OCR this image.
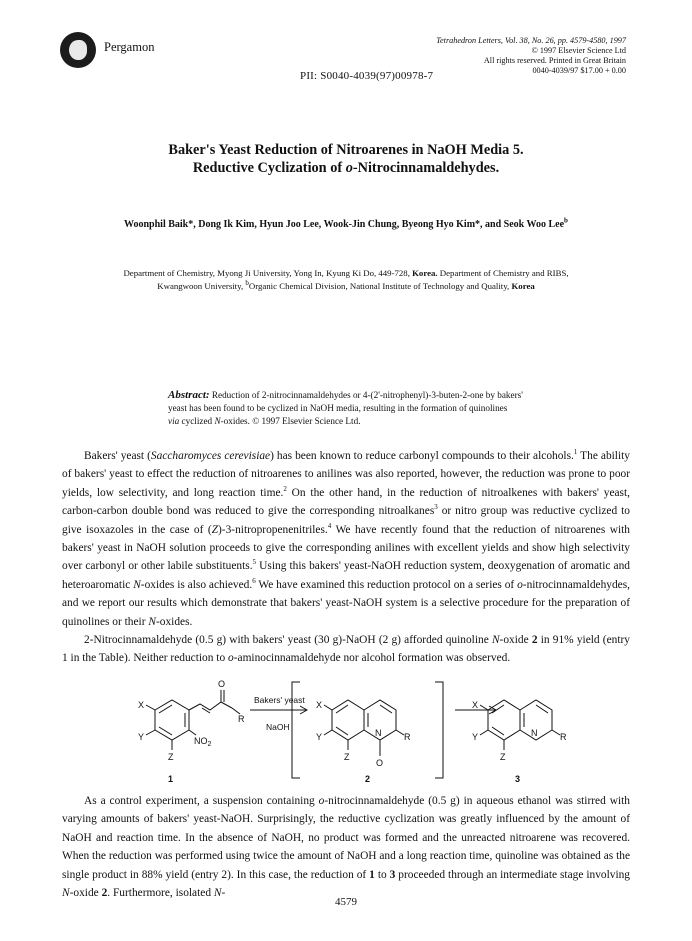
Pergamon	Tetrahedron Letters, Vol. 38, No. 26, pp. 4579-4580, 1997
© 1997 Elsevier Science Ltd
All rights reserved. Printed in Great Britain
0040-4039/97 $17.00 + 0.00
PII: S0040-4039(97)00978-7
Baker's Yeast Reduction of Nitroarenes in NaOH Media 5.
Reductive Cyclization of o-Nitrocinnamaldehydes.
Woonphil Baik*, Dong Ik Kim, Hyun Joo Lee, Wook-Jin Chung, Byeong Hyo Kim*, and Seok Woo Lee$^b$
Department of Chemistry, Myong Ji University, Yong In, Kyung Ki Do, 449-728, Korea. Department of Chemistry and RIBS,
Kwangwoon University, $^b$Organic Chemical Division, National Institute of Technology and Quality, Korea
Abstract: Reduction of 2-nitrocinnamaldehydes or 4-(2'-nitrophenyl)-3-buten-2-one by bakers'
yeast has been found to be cyclized in NaOH media, resulting in the formation of quinolines
via cyclized N-oxides. © 1997 Elsevier Science Ltd.

Bakers' yeast (Saccharomyces cerevisiae) has been known to reduce carbonyl compounds to their alcohols.$^1$ The ability of bakers' yeast to effect the reduction of nitroarenes to anilines was also reported, however, the reduction was prone to poor yields, low selectivity, and long reaction time.$^2$ On the other hand, in the reduction of nitroalkenes with bakers' yeast, carbon-carbon double bond was reduced to give the corresponding nitroalkanes$^3$ or nitro group was reductive cyclized to give isoxazoles in the case of (Z)-3-nitropropenenitriles.$^4$ We have recently found that the reduction of nitroarenes with bakers' yeast in NaOH solution proceeds to give the corresponding anilines with excellent yields and show high selectivity over carbonyl or other labile substituents.$^5$ Using this bakers' yeast-NaOH reduction system, deoxygenation of aromatic and heteroaromatic N-oxides is also achieved.$^6$ We have examined this reduction protocol on a series of o-nitrocinnamaldehydes, and we report our results which demonstrate that bakers' yeast-NaOH system is a selective procedure for the preparation of quinolines or their N-oxides.

2-Nitrocinnamaldehyde (0.5 g) with bakers' yeast (30 g)-NaOH (2 g) afforded quinoline N-oxide 2 in 91% yield (entry 1 in the Table). Neither reduction to o-aminocinnamaldehyde nor alcohol formation was observed.

X
Y
Z
$NO_2$
O
R
Bakers' yeast
NaOH
X
Y
Z
N	R
O
X
Y
Z
N	R
1	2	3

As a control experiment, a suspension containing o-nitrocinnamaldehyde (0.5 g) in aqueous ethanol was stirred with varying amounts of bakers' yeast-NaOH. Surprisingly, the reductive cyclization was greatly influenced by the amount of NaOH and reaction time. In the absence of NaOH, no product was formed and the unreacted nitroarene was recovered. When the reduction was performed using twice the amount of NaOH and a long reaction time, quinoline was obtained as the single product in 88% yield (entry 2). In this case, the reduction of 1 to 3 proceeded through an intermediate stage involving N-oxide 2. Furthermore, isolated N-

4579
